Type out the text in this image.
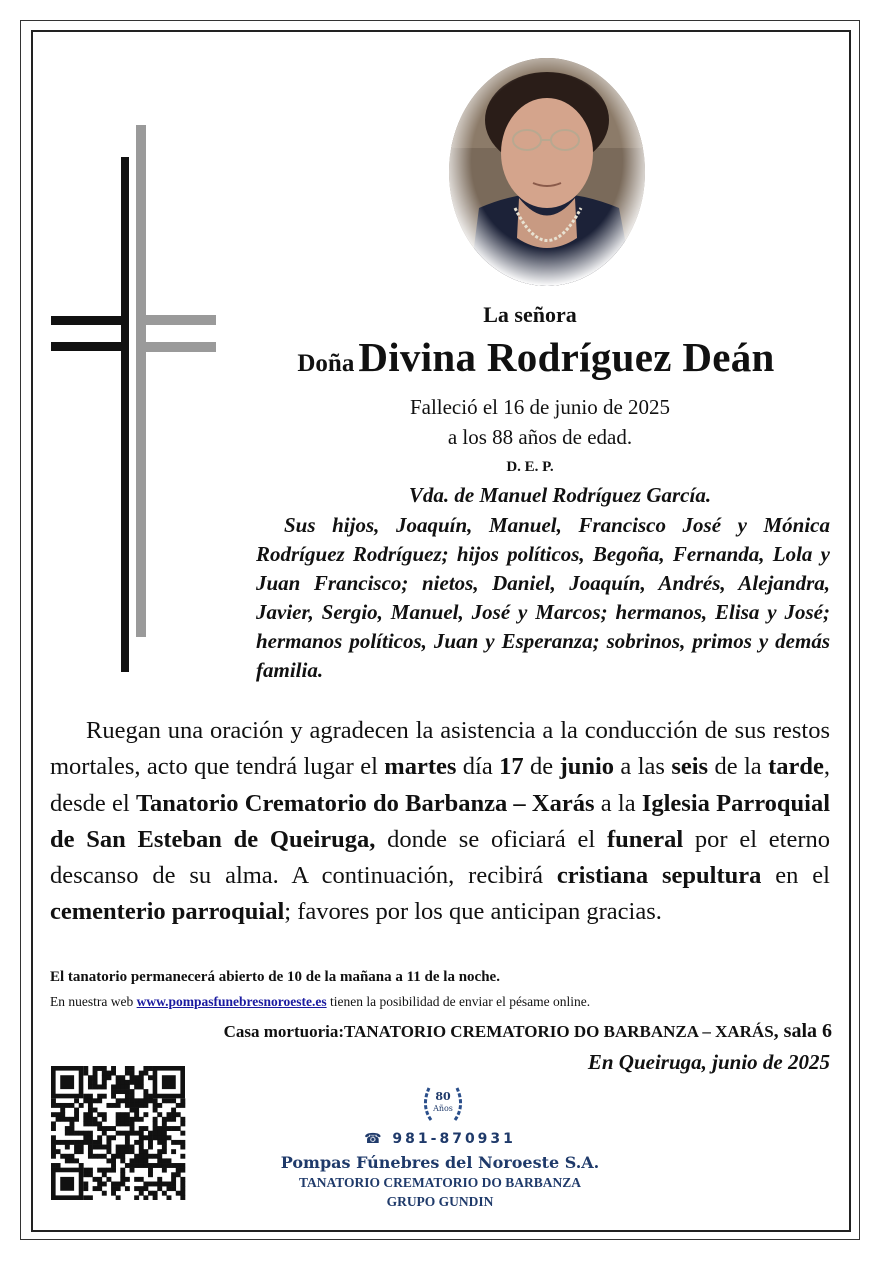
La señora
Doña Divina Rodríguez Deán
Falleció el 16 de junio de 2025
a los 88 años de edad.
D. E. P.
Vda. de Manuel Rodríguez García.
Sus hijos, Joaquín, Manuel, Francisco José y Mónica Rodríguez Rodríguez; hijos políticos, Begoña, Fernanda, Lola y Juan Francisco; nietos, Daniel, Joaquín, Andrés, Alejandra, Javier, Sergio, Manuel, José y Marcos; hermanos, Elisa y José; hermanos políticos, Juan y Esperanza; sobrinos, primos y demás familia.
Ruegan una oración y agradecen la asistencia a la conducción de sus restos mortales, acto que tendrá lugar el martes día 17 de junio a las seis de la tarde, desde el Tanatorio Crematorio do Barbanza – Xarás a la Iglesia Parroquial de San Esteban de Queiruga, donde se oficiará el funeral por el eterno descanso de su alma. A continuación, recibirá cristiana sepultura en el cementerio parroquial; favores por los que anticipan gracias.
El tanatorio permanecerá abierto de 10 de la mañana a 11 de la noche.
En nuestra web www.pompasfunebresnoroeste.es tienen la posibilidad de enviar el pésame online.
Casa mortuoria:TANATORIO CREMATORIO DO BARBANZA – XARÁS, sala 6
En Queiruga, junio de 2025
80
Años
☎ 981-870931
Pompas Fúnebres del Noroeste S.A.
TANATORIO CREMATORIO DO BARBANZA
GRUPO GUNDIN
